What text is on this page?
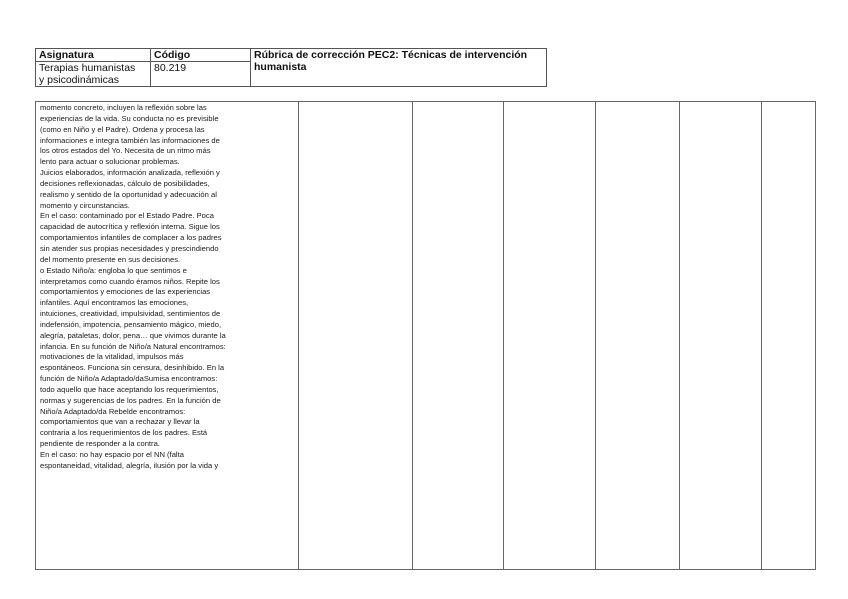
Asignatura	Código	Rúbrica de corrección PEC2: Técnicas de intervención
humanista

Terapias humanistas
y psicodinámicas	80.219	
momento concreto, incluyen la reflexión sobre las
experiencias de la vida. Su conducta no es previsible
(como en Niño y el Padre). Ordena y procesa las
informaciones e integra también las informaciones de
los otros estados del Yo. Necesita de un ritmo más
lento para actuar o solucionar problemas.
Juicios elaborados, información analizada, reflexión y
decisiones reflexionadas, cálculo de posibilidades,
realismo y sentido de la oportunidad y adecuación al
momento y circunstancias.
En el caso: contaminado por el Estado Padre. Poca
capacidad de autocrítica y reflexión interna. Sigue los
comportamientos infantiles de complacer a los padres
sin atender sus propias necesidades y prescindiendo
del momento presente en sus decisiones.
o Estado Niño/a: engloba lo que sentimos e
interpretamos como cuando éramos niños. Repite los
comportamientos y emociones de las experiencias
infantiles. Aquí encontramos las emociones,
intuiciones, creatividad, impulsividad, sentimientos de
indefensión, impotencia, pensamiento mágico, miedo,
alegría, pataletas, dolor, pena… que vivimos durante la
infancia. En su función de Niño/a Natural encontramos:
motivaciones de la vitalidad, impulsos más
espontáneos. Funciona sin censura, desinhibido. En la
función de Niño/a Adaptado/daSumisa encontramos:
todo aquello que hace aceptando los requerimientos,
normas y sugerencias de los padres. En la función de
Niño/a Adaptado/da Rebelde encontramos:
comportamientos que van a rechazar y llevar la
contraria a los requerimientos de los padres. Está
pendiente de responder a la contra.
En el caso: no hay espacio por el NN (falta
espontaneidad, vitalidad, alegría, ilusión por la vida y
